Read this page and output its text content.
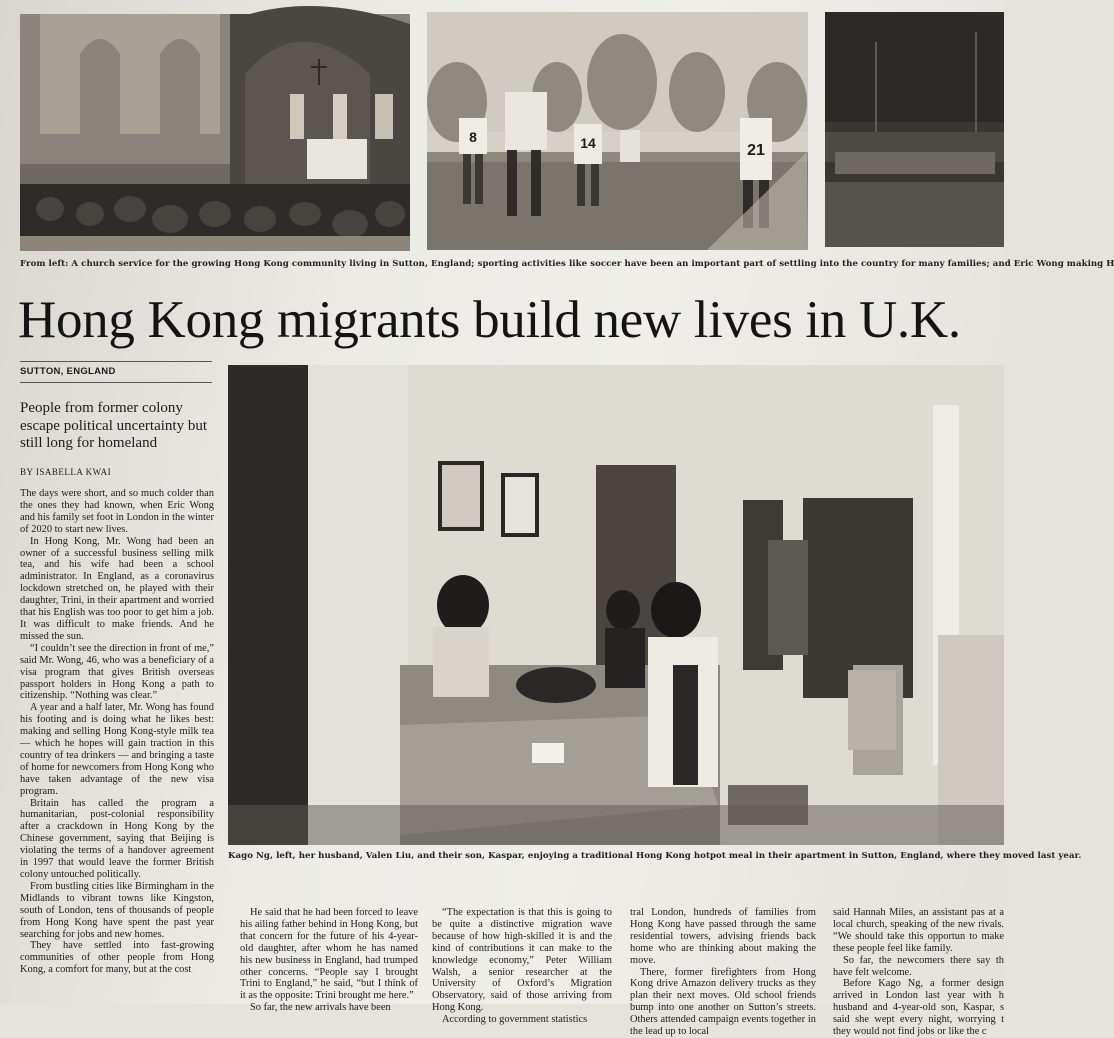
8	14	21
From left: A church service for the growing Hong Kong community living in Sutton, England; sporting activities like soccer have been an important part of settling into the country for many families; and Eric Wong making H
Hong Kong migrants build new lives in U.K.
SUTTON, ENGLAND
People from former colony escape political uncertainty but still long for homeland
BY ISABELLA KWAI
Kago Ng, left, her husband, Valen Liu, and their son, Kaspar, enjoying a traditional Hong Kong hotpot meal in their apartment in Sutton, England, where they moved last year.

The days were short, and so much colder than the ones they had known, when Eric Wong and his family set foot in London in the winter of 2020 to start new lives.

In Hong Kong, Mr. Wong had been an owner of a successful business selling milk tea, and his wife had been a school administrator. In England, as a coronavirus lockdown stretched on, he played with their daughter, Trini, in their apartment and worried that his English was too poor to get him a job. It was difficult to make friends. And he missed the sun.

“I couldn’t see the direction in front of me,” said Mr. Wong, 46, who was a beneficiary of a visa program that gives British overseas passport holders in Hong Kong a path to citizenship. “Nothing was clear.”

A year and a half later, Mr. Wong has found his footing and is doing what he likes best: making and selling Hong Kong-style milk tea — which he hopes will gain traction in this country of tea drinkers — and bringing a taste of home for newcomers from Hong Kong who have taken advantage of the new visa program.

Britain has called the program a humanitarian, post-colonial responsibility after a crackdown in Hong Kong by the Chinese government, saying that Beijing is violating the terms of a handover agreement in 1997 that would leave the former British colony untouched politically.

From bustling cities like Birmingham in the Midlands to vibrant towns like Kingston, south of London, tens of thousands of people from Hong Kong have spent the past year searching for jobs and new homes.

They have settled into fast-growing communities of other people from Hong Kong, a comfort for many, but at the cost

He said that he had been forced to leave his ailing father behind in Hong Kong, but that concern for the future of his 4-year-old daughter, after whom he has named his new business in England, had trumped other concerns. “People say I brought Trini to England,” he said, “but I think of it as the opposite: Trini brought me here.”

So far, the new arrivals have been

“The expectation is that this is going to be quite a distinctive migration wave because of how high-skilled it is and the kind of contributions it can make to the knowledge economy,” Peter William Walsh, a senior researcher at the University of Oxford’s Migration Observatory, said of those arriving from Hong Kong.

According to government statistics

tral London, hundreds of families from Hong Kong have passed through the same residential towers, advising friends back home who are thinking about making the move.

There, former firefighters from Hong Kong drive Amazon delivery trucks as they plan their next moves. Old school friends bump into one another on Sutton’s streets. Others attended campaign events together in the lead up to local

said Hannah Miles, an assistant pas at a local church, speaking of the new rivals. “We should take this opportun to make these people feel like family.

So far, the newcomers there say th have felt welcome.

Before Kago Ng, a former design arrived in London last year with h husband and 4-year-old son, Kaspar, s said she wept every night, worrying t they would not find jobs or like the c
